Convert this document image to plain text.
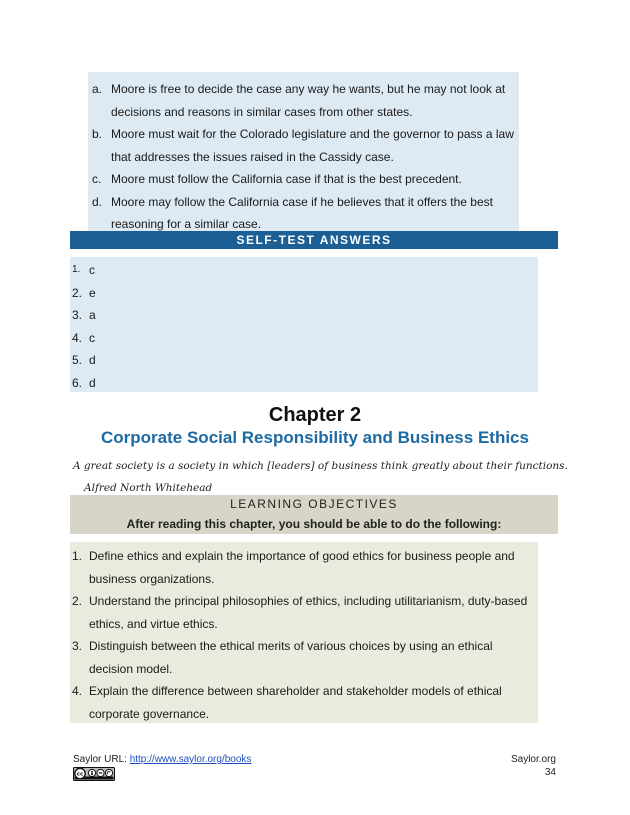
a. Moore is free to decide the case any way he wants, but he may not look at decisions and reasons in similar cases from other states.
b. Moore must wait for the Colorado legislature and the governor to pass a law that addresses the issues raised in the Cassidy case.
c. Moore must follow the California case if that is the best precedent.
d. Moore may follow the California case if he believes that it offers the best reasoning for a similar case.
SELF-TEST ANSWERS
1. c
2. e
3. a
4. c
5. d
6. d
Chapter 2
Corporate Social Responsibility and Business Ethics
A great society is a society in which [leaders] of business think greatly about their functions.
Alfred North Whitehead
LEARNING OBJECTIVES
After reading this chapter, you should be able to do the following:
1. Define ethics and explain the importance of good ethics for business people and business organizations.
2. Understand the principal philosophies of ethics, including utilitarianism, duty-based ethics, and virtue ethics.
3. Distinguish between the ethical merits of various choices by using an ethical decision model.
4. Explain the difference between shareholder and stakeholder models of ethical corporate governance.
Saylor URL: http://www.saylor.org/books	Saylor.org
34
cc
